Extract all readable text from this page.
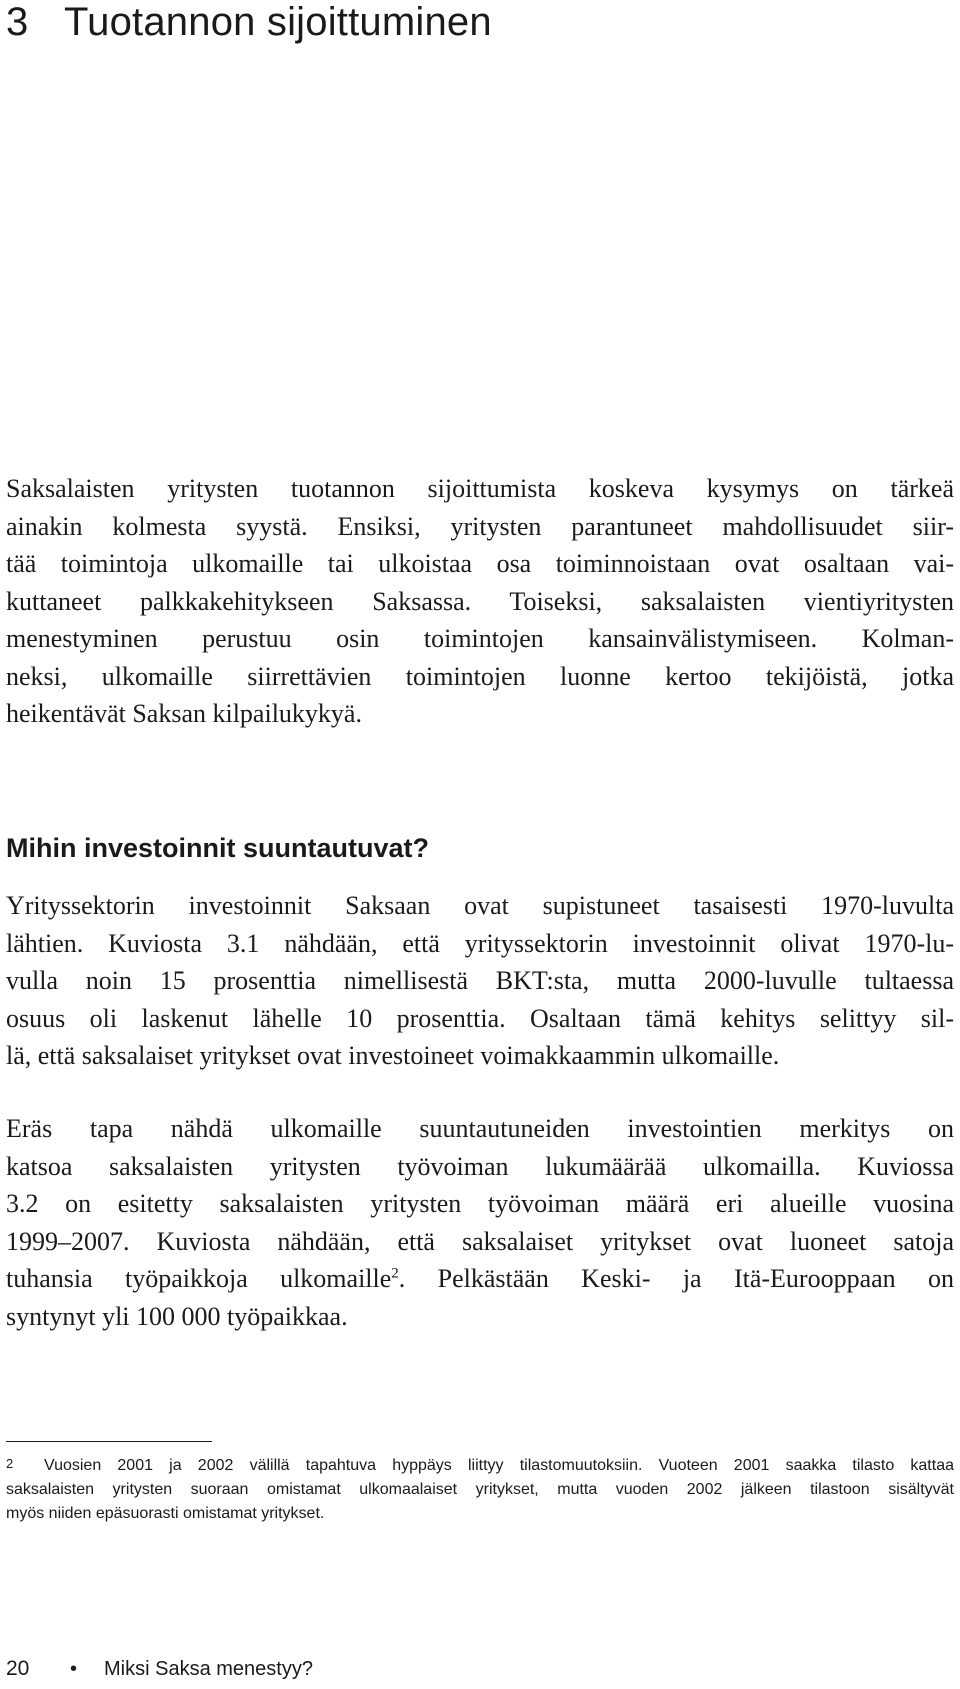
3 Tuotannon sijoittuminen
Saksalaisten yritysten tuotannon sijoittumista koskeva kysymys on tärkeä
ainakin kolmesta syystä. Ensiksi, yritysten parantuneet mahdollisuudet siir-
tää toimintoja ulkomaille tai ulkoistaa osa toiminnoistaan ovat osaltaan vai-
kuttaneet palkkakehitykseen Saksassa. Toiseksi, saksalaisten vientiyritysten
menestyminen perustuu osin toimintojen kansainvälistymiseen. Kolman-
neksi, ulkomaille siirrettävien toimintojen luonne kertoo tekijöistä, jotka
heikentävät Saksan kilpailukykyä.
Mihin investoinnit suuntautuvat?
Yrityssektorin investoinnit Saksaan ovat supistuneet tasaisesti 1970-luvulta
lähtien. Kuviosta 3.1 nähdään, että yrityssektorin investoinnit olivat 1970-lu-
vulla noin 15 prosenttia nimellisestä BKT:sta, mutta 2000-luvulle tultaessa
osuus oli laskenut lähelle 10 prosenttia. Osaltaan tämä kehitys selittyy sil-
lä, että saksalaiset yritykset ovat investoineet voimakkaammin ulkomaille.
Eräs tapa nähdä ulkomaille suuntautuneiden investointien merkitys on
katsoa saksalaisten yritysten työvoiman lukumäärää ulkomailla. Kuviossa
3.2 on esitetty saksalaisten yritysten työvoiman määrä eri alueille vuosina
1999–2007. Kuviosta nähdään, että saksalaiset yritykset ovat luoneet satoja
tuhansia työpaikkoja ulkomaille$^2$. Pelkästään Keski- ja Itä-Eurooppaan on
syntynyt yli 100 000 työpaikkaa.
2 Vuosien 2001 ja 2002 välillä tapahtuva hyppäys liittyy tilastomuutoksiin. Vuoteen 2001 saakka tilasto kattaa
saksalaisten yritysten suoraan omistamat ulkomaalaiset yritykset, mutta vuoden 2002 jälkeen tilastoon sisältyvät
myös niiden epäsuorasti omistamat yritykset.
20 • Miksi Saksa menestyy?
